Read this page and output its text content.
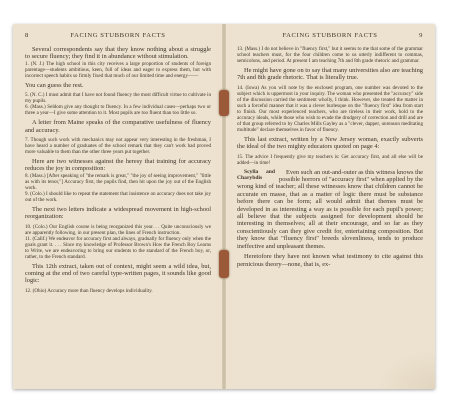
8	FACING STUBBORN FACTS

Several correspondents say that they know nothing about a struggle to secure fluency; they find it in abundance without stimulation.

1. (N. J.) The high school in this city receives a large proportion of students of foreign parentage—students ambitious, keen, full of ideas and eager to express them, but with incorrect speech habits so firmly fixed that much of our limited time and energy——

You can guess the rest.

5. (N. C.) I must admit that I have not found fluency the most difficult virtue to cultivate in my pupils.

6. (Mass.) Seldom give any thought to fluency. In a few individual cases—perhaps two or three a year—I give some attention to it. Most pupils are too fluent than too little so.

A letter from Maine speaks of the comparative usefulness of fluency and accuracy.

7. Though such work with mechanics may not appear very interesting in the freshman, I have heard a number of graduates of the school remark that they can't work had proved more valuable to them than the other three years put together.

Here are two witnesses against the heresy that training for accuracy reduces the joy in composition:

8. (Mass.) [After speaking of "the remark is great," "the joy of seeing improvement," "little as with its tenor,"] Accuracy first, the pupils find, then hit upon the joy out of the English work.

9. (Colo.) I should like to repeat the statement that insistence on accuracy does not take joy out of the work.

The next two letters indicate a widespread movement in high-school reorganization:

10. (Colo.) Our English course is being reorganized this year. . . Quite unconsciously we are apparently following, in our present plan, the lines of French instruction.

11. (Calif.) We endeavor for accuracy first and always, gradually for fluency only when the goals grant it. . . . Since my knowledge of Professor Brown's How the French Boy Learns to Write, we are endeavoring to bring our students to the standard of the French boy, or, rather, to the French standard.

This 12th extract, taken out of context, might seem a wild idea, but, coming at the end of two careful type-written pages, it sounds like good logic:

12. (Ohio) Accuracy more than fluency develops individuality.

FACING STUBBORN FACTS	9

13. (Mass.) I do not believe in "fluency first," but it seems to me that some of the grammar school teachers must, for the four children come to us utterly indifferent to commas, semicolons, and period. At present I am teaching 7th and 8th grade rhetoric and grammar.

He might have gone on to say that many universities also are teaching 7th and 8th grade rhetoric. That is literally true.

14. (Iowa) As you will note by the enclosed program, one number was devoted to the subject which is uppermost in your inquiry. The woman who presented the "accuracy" side of the discussion carried the sentiment wholly, I think. However, she treated the matter in such a forceful manner that it was a clever burlesque on the "fluency first" idea from start to finish. Our most experienced teachers, who are tireless in their work, hold to the accuracy ideals, while those who wish to evade the drudgery of correction and drill and are of that group referred to by Charles Mills Gayley as a "clever, dapper, unreason meditating multitude" declare themselves in favor of fluency.

This last extract, written by a New Jersey woman, exactly subverts the ideal of the two mighty educators quoted on page 4:

15. The advice I frequently give my teachers is: Get accuracy first, and all else will be added—in time!

Scylla and Charybdis
Even such an out-and-outer as this witness knows the possible horrors of "accuracy first" when applied by the wrong kind of teacher; all these witnesses know that children cannot be accurate en masse, that as a matter of logic there must be substance before there can be form; all would admit that themes must be developed in as interesting a way as is possible for each pupil's power; all believe that the subjects assigned for development should be interesting in themselves; all at their encourage, and so far as they conscientiously can they give credit for, entertaining composition. But they know that "fluency first" breeds slovenliness, tends to produce ineffective and unpleasant themes.

Heretofore they have not known what testimony to cite against this pernicious theory—none, that is, ex-
